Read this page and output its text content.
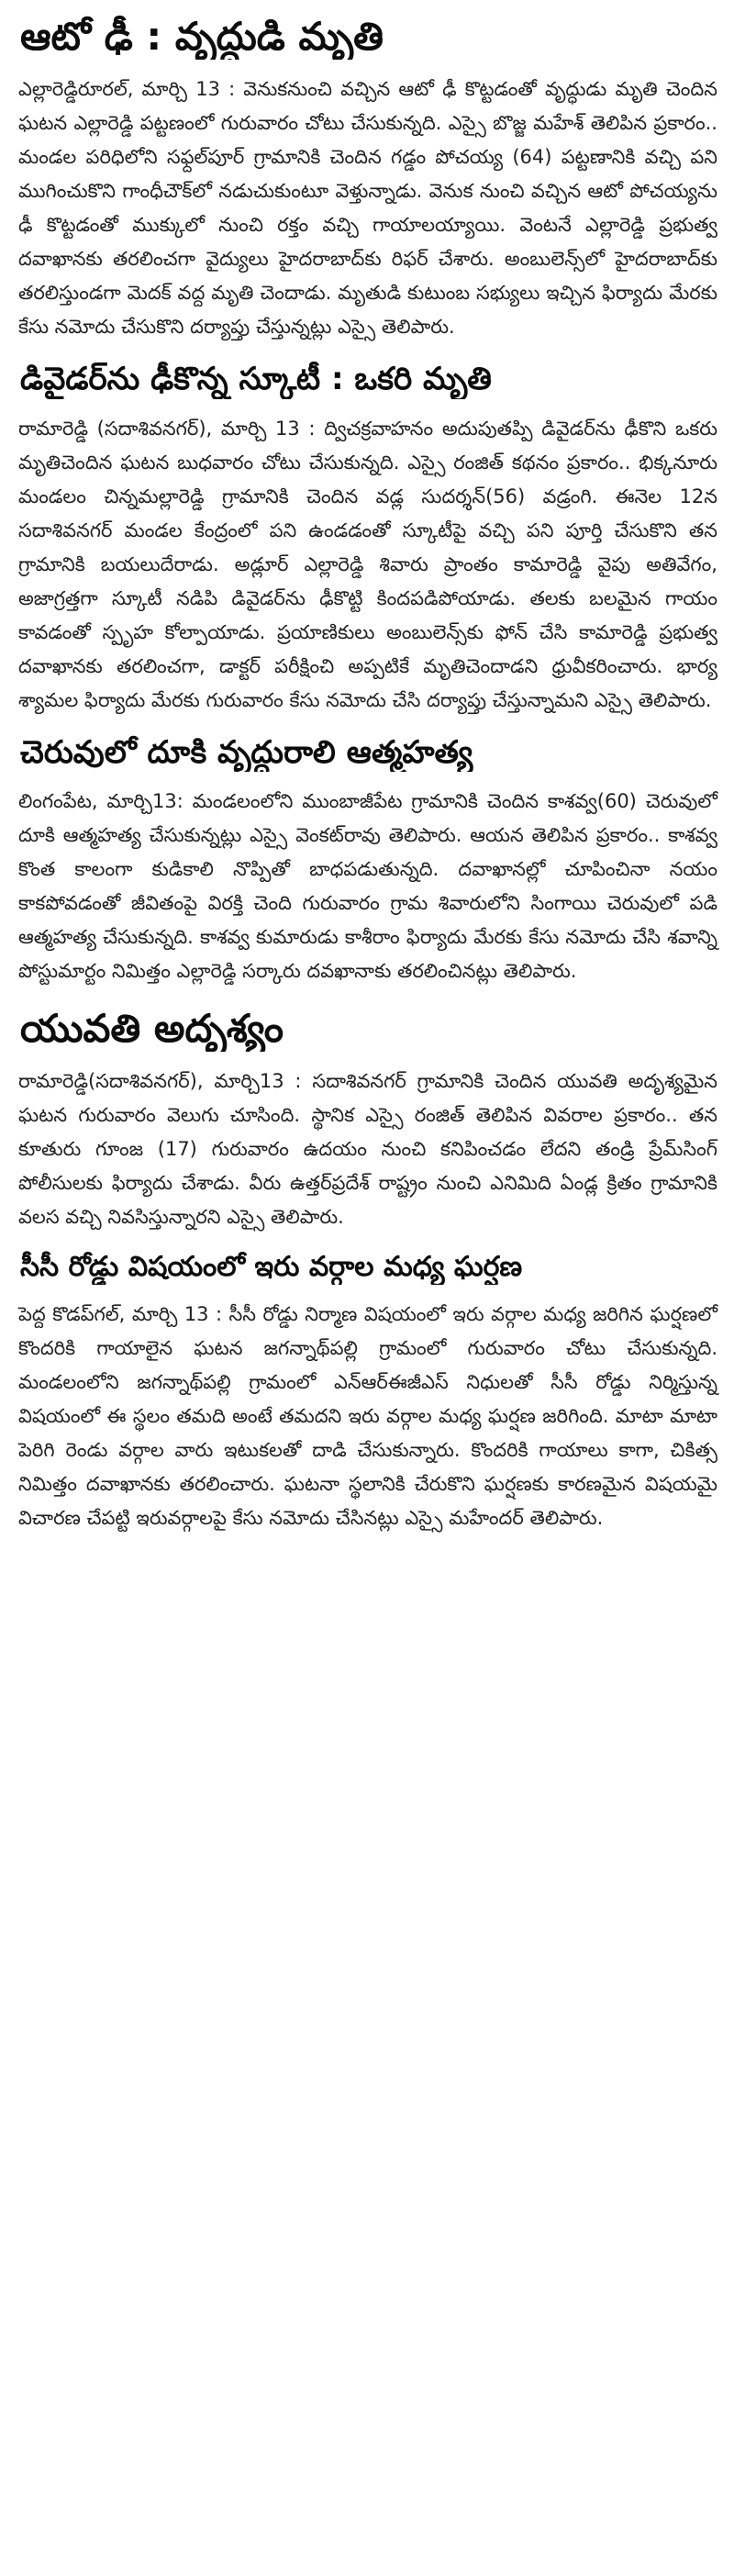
ఆటో ఢీ : వృద్ధుడి మృతి

ఎల్లారెడ్డిరూరల్, మార్చి 13 : వెనుకనుంచి వచ్చిన ఆటో ఢీ కొట్టడంతో వృద్ధుడు మృతి చెందిన ఘటన ఎల్లారెడ్డి పట్టణంలో గురువారం చోటు చేసుకున్నది. ఎస్సై బొజ్జ మహేశ్ తెలిపిన ప్రకారం.. మండల పరిధిలోని సఫ్దల్‌పూర్ గ్రామానికి చెందిన గడ్డం పోచయ్య (64) పట్టణానికి వచ్చి పని ముగించుకొని గాంధీచౌక్‌లో నడుచుకుంటూ వెళ్తున్నాడు. వెనుక నుంచి వచ్చిన ఆటో పోచయ్యను ఢీ కొట్టడంతో ముక్కులో నుంచి రక్తం వచ్చి గాయాలయ్యాయి. వెంటనే ఎల్లారెడ్డి ప్రభుత్వ దవాఖానకు తరలించగా వైద్యులు హైదరాబాద్‌కు రిఫర్ చేశారు. అంబులెన్స్‌లో హైదరాబాద్‌కు తరలిస్తుండగా మెదక్ వద్ద మృతి చెందాడు. మృతుడి కుటుంబ సభ్యులు ఇచ్చిన ఫిర్యాదు మేరకు కేసు నమోదు చేసుకొని దర్యాప్తు చేస్తున్నట్లు ఎస్సై తెలిపారు.

డివైడర్‌ను ఢీకొన్న స్కూటీ : ఒకరి మృతి

రామారెడ్డి (సదాశివనగర్), మార్చి 13 : ద్విచక్రవాహనం అదుపుతప్పి డివైడర్‌ను ఢీకొని ఒకరు మృతిచెందిన ఘటన బుధవారం చోటు చేసుకున్నది. ఎస్సై రంజిత్ కథనం ప్రకారం.. భిక్కనూరు మండలం చిన్నమల్లారెడ్డి గ్రామానికి చెందిన వడ్ల సుదర్శన్(56) వడ్రంగి. ఈనెల 12న సదాశివనగర్ మండల కేంద్రంలో పని ఉండడంతో స్కూటీపై వచ్చి పని పూర్తి చేసుకొని తన గ్రామానికి బయలుదేరాడు. అడ్లూర్ ఎల్లారెడ్డి శివారు ప్రాంతం కామారెడ్డి వైపు అతివేగం, అజాగ్రత్తగా స్కూటీ నడిపి డివైడర్‌ను ఢీకొట్టి కిందపడిపోయాడు. తలకు బలమైన గాయం కావడంతో స్పృహ కోల్పాయాడు. ప్రయాణికులు అంబులెన్స్‌కు ఫోన్ చేసి కామారెడ్డి ప్రభుత్వ దవాఖానకు తరలించగా, డాక్టర్ పరీక్షించి అప్పటికే మృతిచెందాడని ధ్రువీకరించారు. భార్య శ్యామల ఫిర్యాదు మేరకు గురువారం కేసు నమోదు చేసి దర్యాప్తు చేస్తున్నామని ఎస్సై తెలిపారు.

చెరువులో దూకి వృద్ధురాలి ఆత్మహత్య

లింగంపేట, మార్చి13: మండలంలోని ముంబాజీపేట గ్రామానికి చెందిన కాశవ్వ(60) చెరువులో దూకి ఆత్మహత్య చేసుకున్నట్లు ఎస్సై వెంకట్‌రావు తెలిపారు. ఆయన తెలిపిన ప్రకారం.. కాశవ్వ కొంత కాలంగా కుడికాలి నొప్పితో బాధపడుతున్నది. దవాఖానల్లో చూపించినా నయం కాకపోవడంతో జీవితంపై విరక్తి చెంది గురువారం గ్రామ శివారులోని సింగాయి చెరువులో పడి ఆత్మహత్య చేసుకున్నది. కాశవ్వ కుమారుడు కాశీరాం ఫిర్యాదు మేరకు కేసు నమోదు చేసి శవాన్ని పోస్టుమార్టం నిమిత్తం ఎల్లారెడ్డి సర్కారు దవఖానాకు తరలించినట్లు తెలిపారు.

యువతి అదృశ్యం

రామారెడ్డి(సదాశివనగర్), మార్చి13 : సదాశివనగర్ గ్రామానికి చెందిన యువతి అదృశ్యమైన ఘటన గురువారం వెలుగు చూసింది. స్థానిక ఎస్సై రంజిత్ తెలిపిన వివరాల ప్రకారం.. తన కూతురు గూంజ (17) గురువారం ఉదయం నుంచి కనిపించడం లేదని తండ్రి ప్రేమ్‌సింగ్ పోలీసులకు ఫిర్యాదు చేశాడు. వీరు ఉత్తర్‌ప్రదేశ్ రాష్ట్రం నుంచి ఎనిమిది ఏండ్ల క్రితం గ్రామానికి వలస వచ్చి నివసిస్తున్నారని ఎస్సై తెలిపారు.

సీసీ రోడ్డు విషయంలో ఇరు వర్గాల మధ్య ఘర్షణ

పెద్ద కొడప్‌గల్, మార్చి 13 : సీసీ రోడ్డు నిర్మాణ విషయంలో ఇరు వర్గాల మధ్య జరిగిన ఘర్షణలో కొందరికి గాయాలైన ఘటన జగన్నాథ్‌పల్లి గ్రామంలో గురువారం చోటు చేసుకున్నది. మండలంలోని జగన్నాథ్‌పల్లి గ్రామంలో ఎన్‌ఆర్‌ఈజీఎస్ నిధులతో సీసీ రోడ్డు నిర్మిస్తున్న విషయంలో ఈ స్థలం తమది అంటే తమదని ఇరు వర్గాల మధ్య ఘర్షణ జరిగింది. మాటా మాటా పెరిగి రెండు వర్గాల వారు ఇటుకలతో దాడి చేసుకున్నారు. కొందరికి గాయాలు కాగా, చికిత్స నిమిత్తం దవాఖానకు తరలించారు. ఘటనా స్థలానికి చేరుకొని ఘర్షణకు కారణమైన విషయమై విచారణ చేపట్టి ఇరువర్గాలపై కేసు నమోదు చేసినట్లు ఎస్సై మహేందర్ తెలిపారు.
